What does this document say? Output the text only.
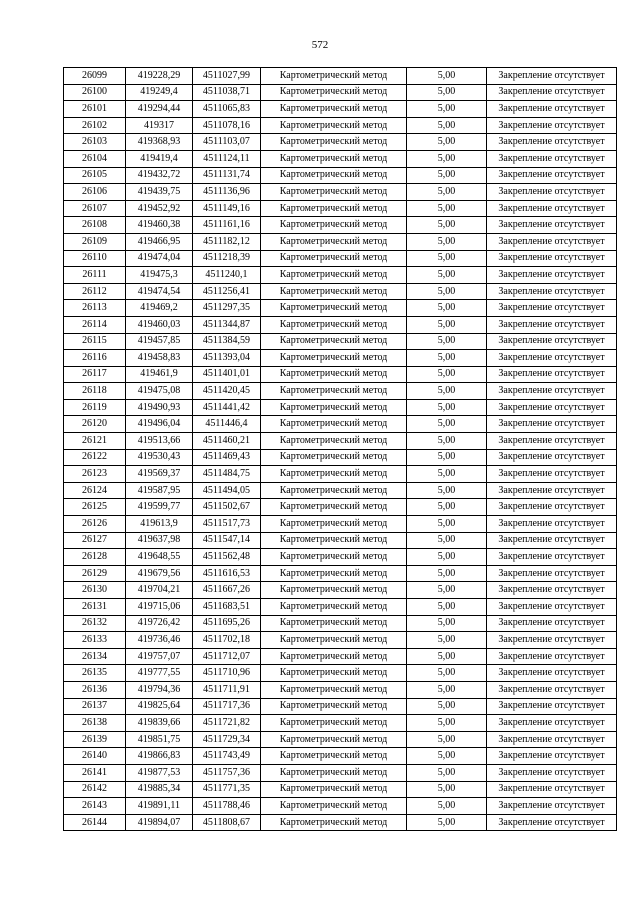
572
26099	419228,29	4511027,99	Картометрический метод	5,00	Закрепление отсутствует
26100	419249,4	4511038,71	Картометрический метод	5,00	Закрепление отсутствует
26101	419294,44	4511065,83	Картометрический метод	5,00	Закрепление отсутствует
26102	419317	4511078,16	Картометрический метод	5,00	Закрепление отсутствует
26103	419368,93	4511103,07	Картометрический метод	5,00	Закрепление отсутствует
26104	419419,4	4511124,11	Картометрический метод	5,00	Закрепление отсутствует
26105	419432,72	4511131,74	Картометрический метод	5,00	Закрепление отсутствует
26106	419439,75	4511136,96	Картометрический метод	5,00	Закрепление отсутствует
26107	419452,92	4511149,16	Картометрический метод	5,00	Закрепление отсутствует
26108	419460,38	4511161,16	Картометрический метод	5,00	Закрепление отсутствует
26109	419466,95	4511182,12	Картометрический метод	5,00	Закрепление отсутствует
26110	419474,04	4511218,39	Картометрический метод	5,00	Закрепление отсутствует
26111	419475,3	4511240,1	Картометрический метод	5,00	Закрепление отсутствует
26112	419474,54	4511256,41	Картометрический метод	5,00	Закрепление отсутствует
26113	419469,2	4511297,35	Картометрический метод	5,00	Закрепление отсутствует
26114	419460,03	4511344,87	Картометрический метод	5,00	Закрепление отсутствует
26115	419457,85	4511384,59	Картометрический метод	5,00	Закрепление отсутствует
26116	419458,83	4511393,04	Картометрический метод	5,00	Закрепление отсутствует
26117	419461,9	4511401,01	Картометрический метод	5,00	Закрепление отсутствует
26118	419475,08	4511420,45	Картометрический метод	5,00	Закрепление отсутствует
26119	419490,93	4511441,42	Картометрический метод	5,00	Закрепление отсутствует
26120	419496,04	4511446,4	Картометрический метод	5,00	Закрепление отсутствует
26121	419513,66	4511460,21	Картометрический метод	5,00	Закрепление отсутствует
26122	419530,43	4511469,43	Картометрический метод	5,00	Закрепление отсутствует
26123	419569,37	4511484,75	Картометрический метод	5,00	Закрепление отсутствует
26124	419587,95	4511494,05	Картометрический метод	5,00	Закрепление отсутствует
26125	419599,77	4511502,67	Картометрический метод	5,00	Закрепление отсутствует
26126	419613,9	4511517,73	Картометрический метод	5,00	Закрепление отсутствует
26127	419637,98	4511547,14	Картометрический метод	5,00	Закрепление отсутствует
26128	419648,55	4511562,48	Картометрический метод	5,00	Закрепление отсутствует
26129	419679,56	4511616,53	Картометрический метод	5,00	Закрепление отсутствует
26130	419704,21	4511667,26	Картометрический метод	5,00	Закрепление отсутствует
26131	419715,06	4511683,51	Картометрический метод	5,00	Закрепление отсутствует
26132	419726,42	4511695,26	Картометрический метод	5,00	Закрепление отсутствует
26133	419736,46	4511702,18	Картометрический метод	5,00	Закрепление отсутствует
26134	419757,07	4511712,07	Картометрический метод	5,00	Закрепление отсутствует
26135	419777,55	4511710,96	Картометрический метод	5,00	Закрепление отсутствует
26136	419794,36	4511711,91	Картометрический метод	5,00	Закрепление отсутствует
26137	419825,64	4511717,36	Картометрический метод	5,00	Закрепление отсутствует
26138	419839,66	4511721,82	Картометрический метод	5,00	Закрепление отсутствует
26139	419851,75	4511729,34	Картометрический метод	5,00	Закрепление отсутствует
26140	419866,83	4511743,49	Картометрический метод	5,00	Закрепление отсутствует
26141	419877,53	4511757,36	Картометрический метод	5,00	Закрепление отсутствует
26142	419885,34	4511771,35	Картометрический метод	5,00	Закрепление отсутствует
26143	419891,11	4511788,46	Картометрический метод	5,00	Закрепление отсутствует
26144	419894,07	4511808,67	Картометрический метод	5,00	Закрепление отсутствует
